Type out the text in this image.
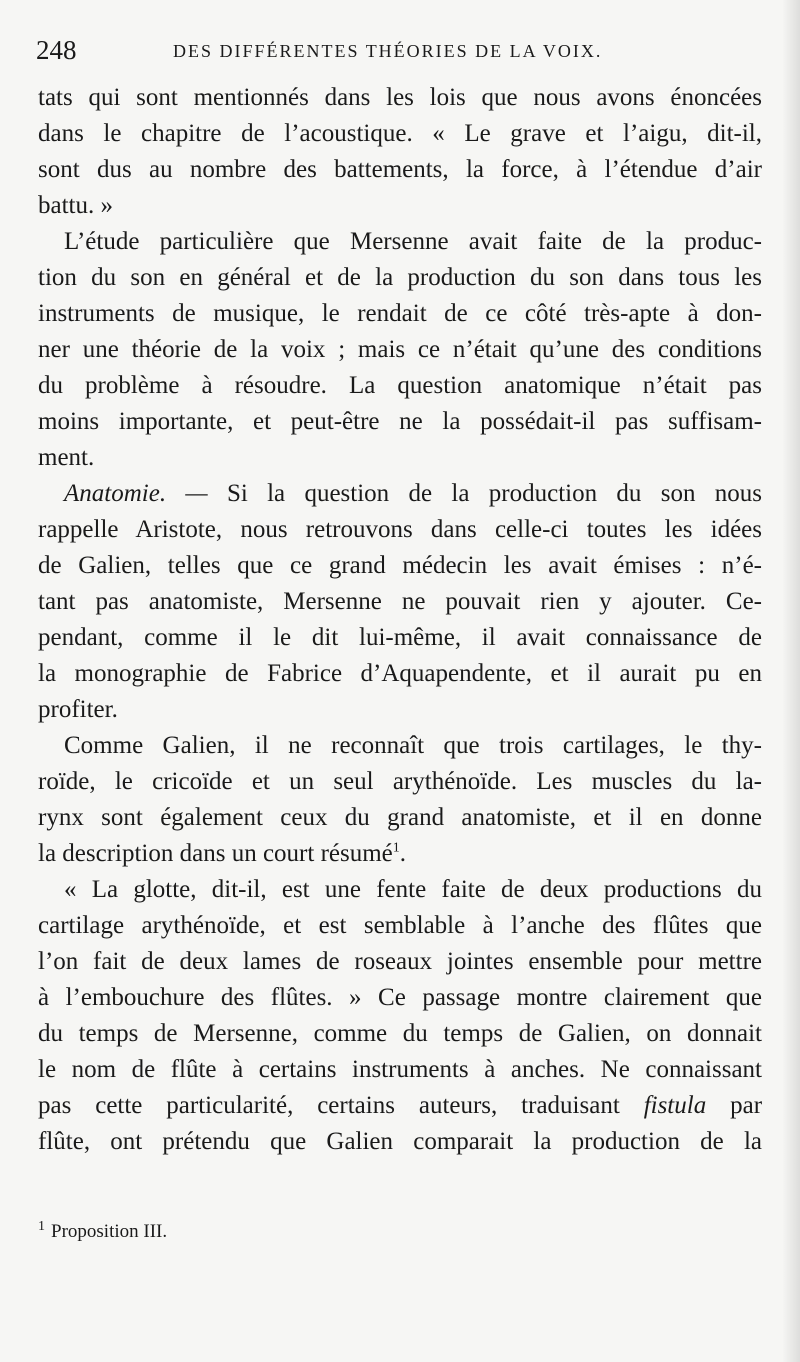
248	DES DIFFÉRENTES THÉORIES DE LA VOIX.
tats qui sont mentionnés dans les lois que nous avons énoncées
dans le chapitre de l’acoustique. « Le grave et l’aigu, dit-il,
sont dus au nombre des battements, la force, à l’étendue d’air
battu. »
L’étude particulière que Mersenne avait faite de la produc-
tion du son en général et de la production du son dans tous les
instruments de musique, le rendait de ce côté très-apte à don-
ner une théorie de la voix ; mais ce n’était qu’une des conditions
du problème à résoudre. La question anatomique n’était pas
moins importante, et peut-être ne la possédait-il pas suffisam-
ment.
Anatomie. — Si la question de la production du son nous
rappelle Aristote, nous retrouvons dans celle-ci toutes les idées
de Galien, telles que ce grand médecin les avait émises : n’é-
tant pas anatomiste, Mersenne ne pouvait rien y ajouter. Ce-
pendant, comme il le dit lui-même, il avait connaissance de
la monographie de Fabrice d’Aquapendente, et il aurait pu en
profiter.
Comme Galien, il ne reconnaît que trois cartilages, le thy-
roïde, le cricoïde et un seul arythénoïde. Les muscles du la-
rynx sont également ceux du grand anatomiste, et il en donne
la description dans un court résumé$^1$.
« La glotte, dit-il, est une fente faite de deux productions du
cartilage arythénoïde, et est semblable à l’anche des flûtes que
l’on fait de deux lames de roseaux jointes ensemble pour mettre
à l’embouchure des flûtes. » Ce passage montre clairement que
du temps de Mersenne, comme du temps de Galien, on donnait
le nom de flûte à certains instruments à anches. Ne connaissant
pas cette particularité, certains auteurs, traduisant fistula par
flûte, ont prétendu que Galien comparait la production de la
$^1$ Proposition III.
